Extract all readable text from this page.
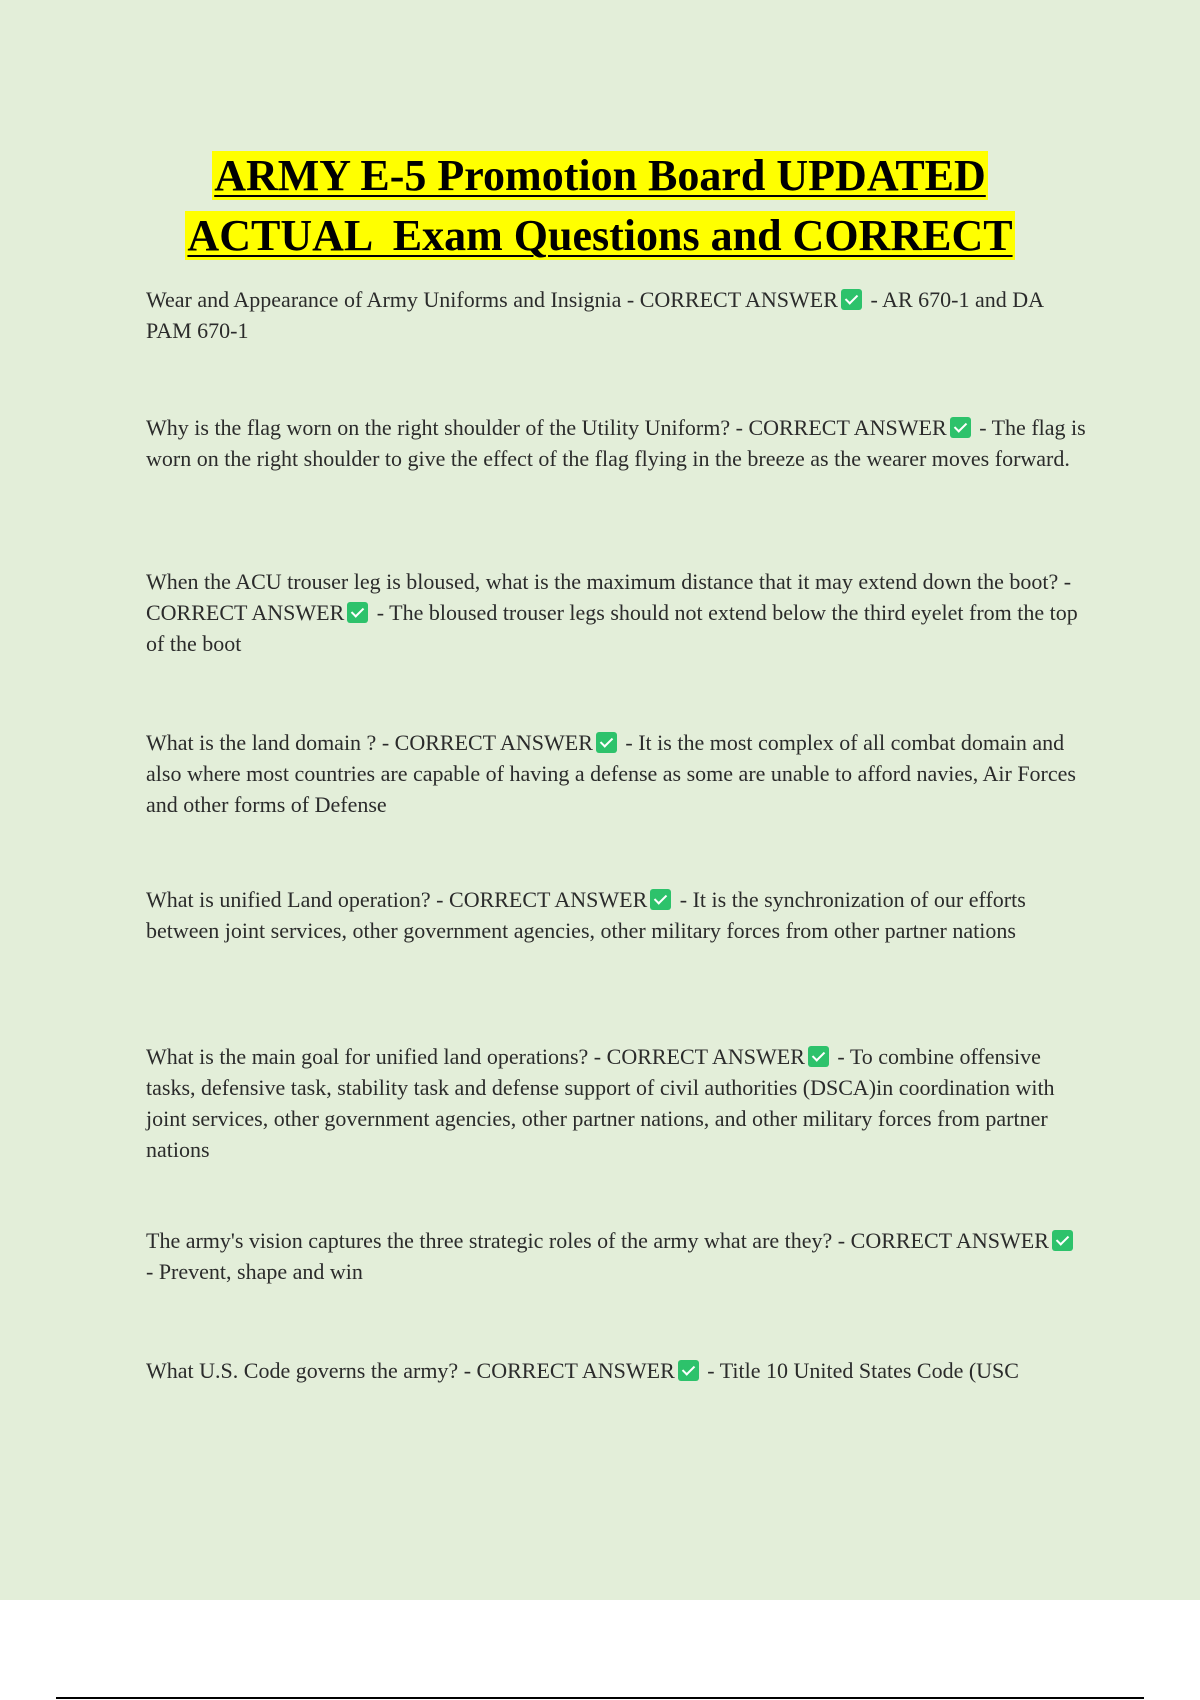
ARMY E-5 Promotion Board UPDATED
ACTUAL  Exam Questions and CORRECT
Wear and Appearance of Army Uniforms and Insignia - CORRECT ANSWER - AR 670-1 and DA PAM 670-1
Why is the flag worn on the right shoulder of the Utility Uniform? - CORRECT ANSWER - The flag is worn on the right shoulder to give the effect of the flag flying in the breeze as the wearer moves forward.
When the ACU trouser leg is bloused, what is the maximum distance that it may extend down the boot? - CORRECT ANSWER - The bloused trouser legs should not extend below the third eyelet from the top of the boot
What is the land domain ? - CORRECT ANSWER - It is the most complex of all combat domain and also where most countries are capable of having a defense as some are unable to afford navies, Air Forces and other forms of Defense
What is unified Land operation? - CORRECT ANSWER - It is the synchronization of our efforts between joint services, other government agencies, other military forces from other partner nations
What is the main goal for unified land operations? - CORRECT ANSWER - To combine offensive tasks, defensive task, stability task and defense support of civil authorities (DSCA)in coordination with joint services, other government agencies, other partner nations, and other military forces from partner nations
The army's vision captures the three strategic roles of the army what are they? - CORRECT ANSWER - Prevent, shape and win
What U.S. Code governs the army? - CORRECT ANSWER - Title 10 United States Code (USC
